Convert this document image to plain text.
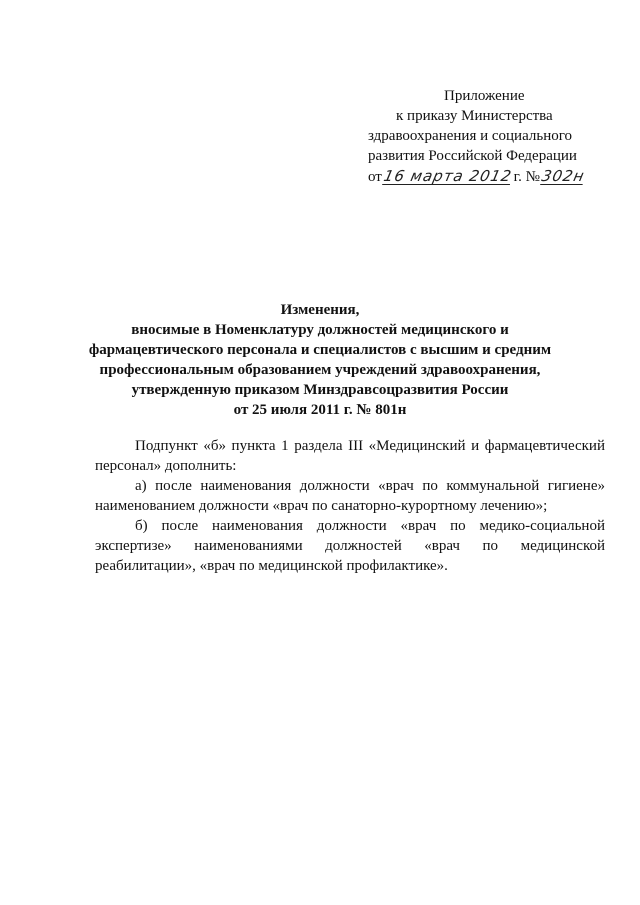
Приложение
к приказу Министерства
здравоохранения и социального
развития Российской Федерации
от 16 марта 2012 г. № 302н
Изменения,
вносимые в Номенклатуру должностей медицинского и
фармацевтического персонала и специалистов с высшим и средним
профессиональным образованием учреждений здравоохранения,
утвержденную приказом Минздравсоцразвития России
от 25 июля 2011 г. № 801н

Подпункт «б» пункта 1 раздела III «Медицинский и фармацевтический персонал» дополнить:

а) после наименования должности «врач по коммунальной гигиене» наименованием должности «врач по санаторно-курортному лечению»;

б) после наименования должности «врач по медико-социальной экспертизе» наименованиями должностей «врач по медицинской реабилитации», «врач по медицинской профилактике».
